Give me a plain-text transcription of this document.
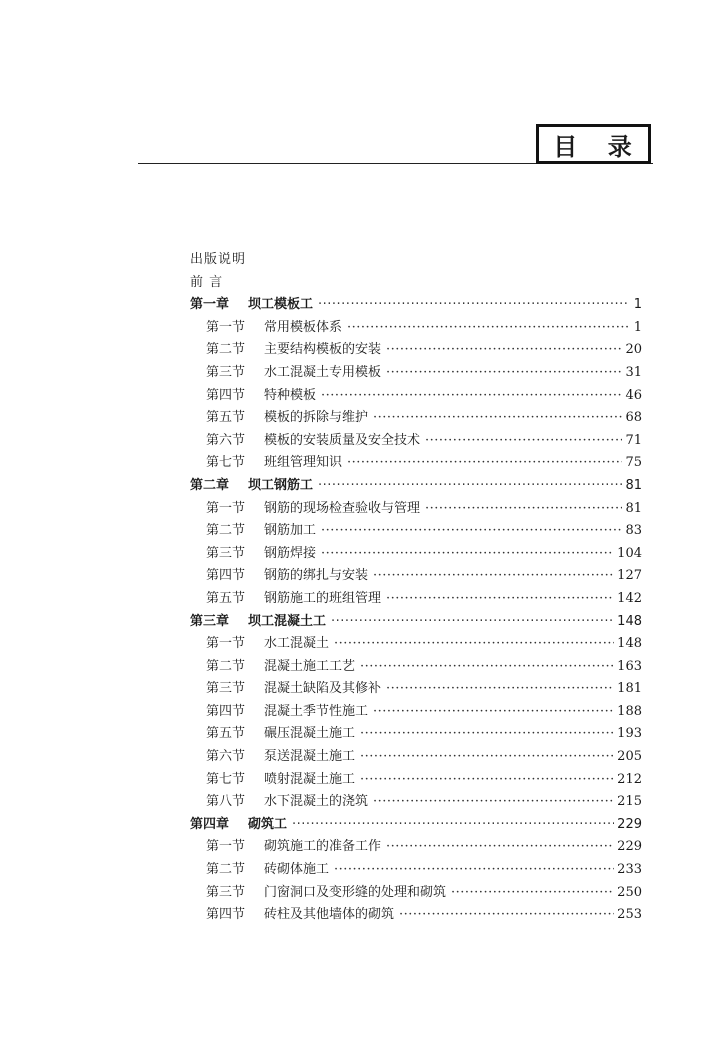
目 录
出版说明
前 言
第一章	坝工模板工 ·····	1
第一节	常用模板体系 ·····	1
第二节	主要结构模板的安装 ·····	20
第三节	水工混凝土专用模板 ·····	31
第四节	特种模板 ·····	46
第五节	模板的拆除与维护 ·····	68
第六节	模板的安装质量及安全技术 ·····	71
第七节	班组管理知识 ·····	75
第二章	坝工钢筋工 ·····	81
第一节	钢筋的现场检查验收与管理 ·····	81
第二节	钢筋加工 ·····	83
第三节	钢筋焊接 ·····	104
第四节	钢筋的绑扎与安装 ·····	127
第五节	钢筋施工的班组管理 ·····	142
第三章	坝工混凝土工 ·····	148
第一节	水工混凝土 ·····	148
第二节	混凝土施工工艺 ·····	163
第三节	混凝土缺陷及其修补 ·····	181
第四节	混凝土季节性施工 ·····	188
第五节	碾压混凝土施工 ·····	193
第六节	泵送混凝土施工 ·····	205
第七节	喷射混凝土施工 ·····	212
第八节	水下混凝土的浇筑 ·····	215
第四章	砌筑工 ·····	229
第一节	砌筑施工的准备工作 ·····	229
第二节	砖砌体施工 ·····	233
第三节	门窗洞口及变形缝的处理和砌筑 ·····	250
第四节	砖柱及其他墙体的砌筑 ·····	253
